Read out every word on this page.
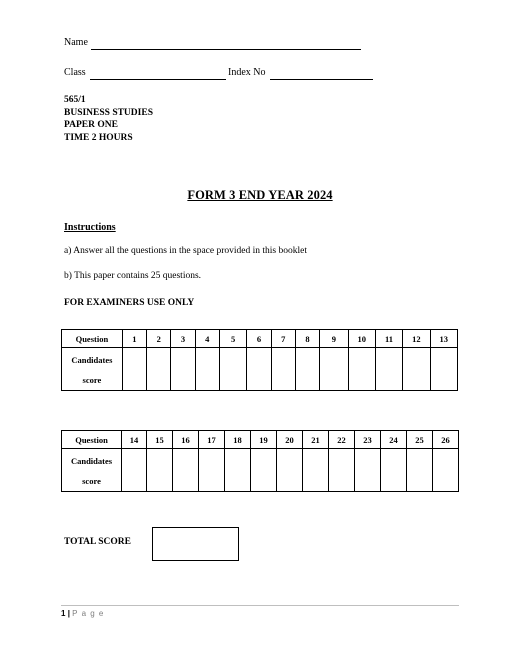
Name
Class	Index No
565/1
BUSINESS STUDIES
PAPER ONE
TIME 2 HOURS
FORM 3 END YEAR 2024
Instructions
a) Answer all the questions in the space provided in this booklet
b) This paper contains 25 questions.
FOR EXAMINERS USE ONLY
Question	1	2	3	4	5	6	7	8	9	10	11	12	13

Candidates
score													

Question	14	15	16	17	18	19	20	21	22	23	24	25	26

Candidates
score													

TOTAL SCORE
1 | P a g e
